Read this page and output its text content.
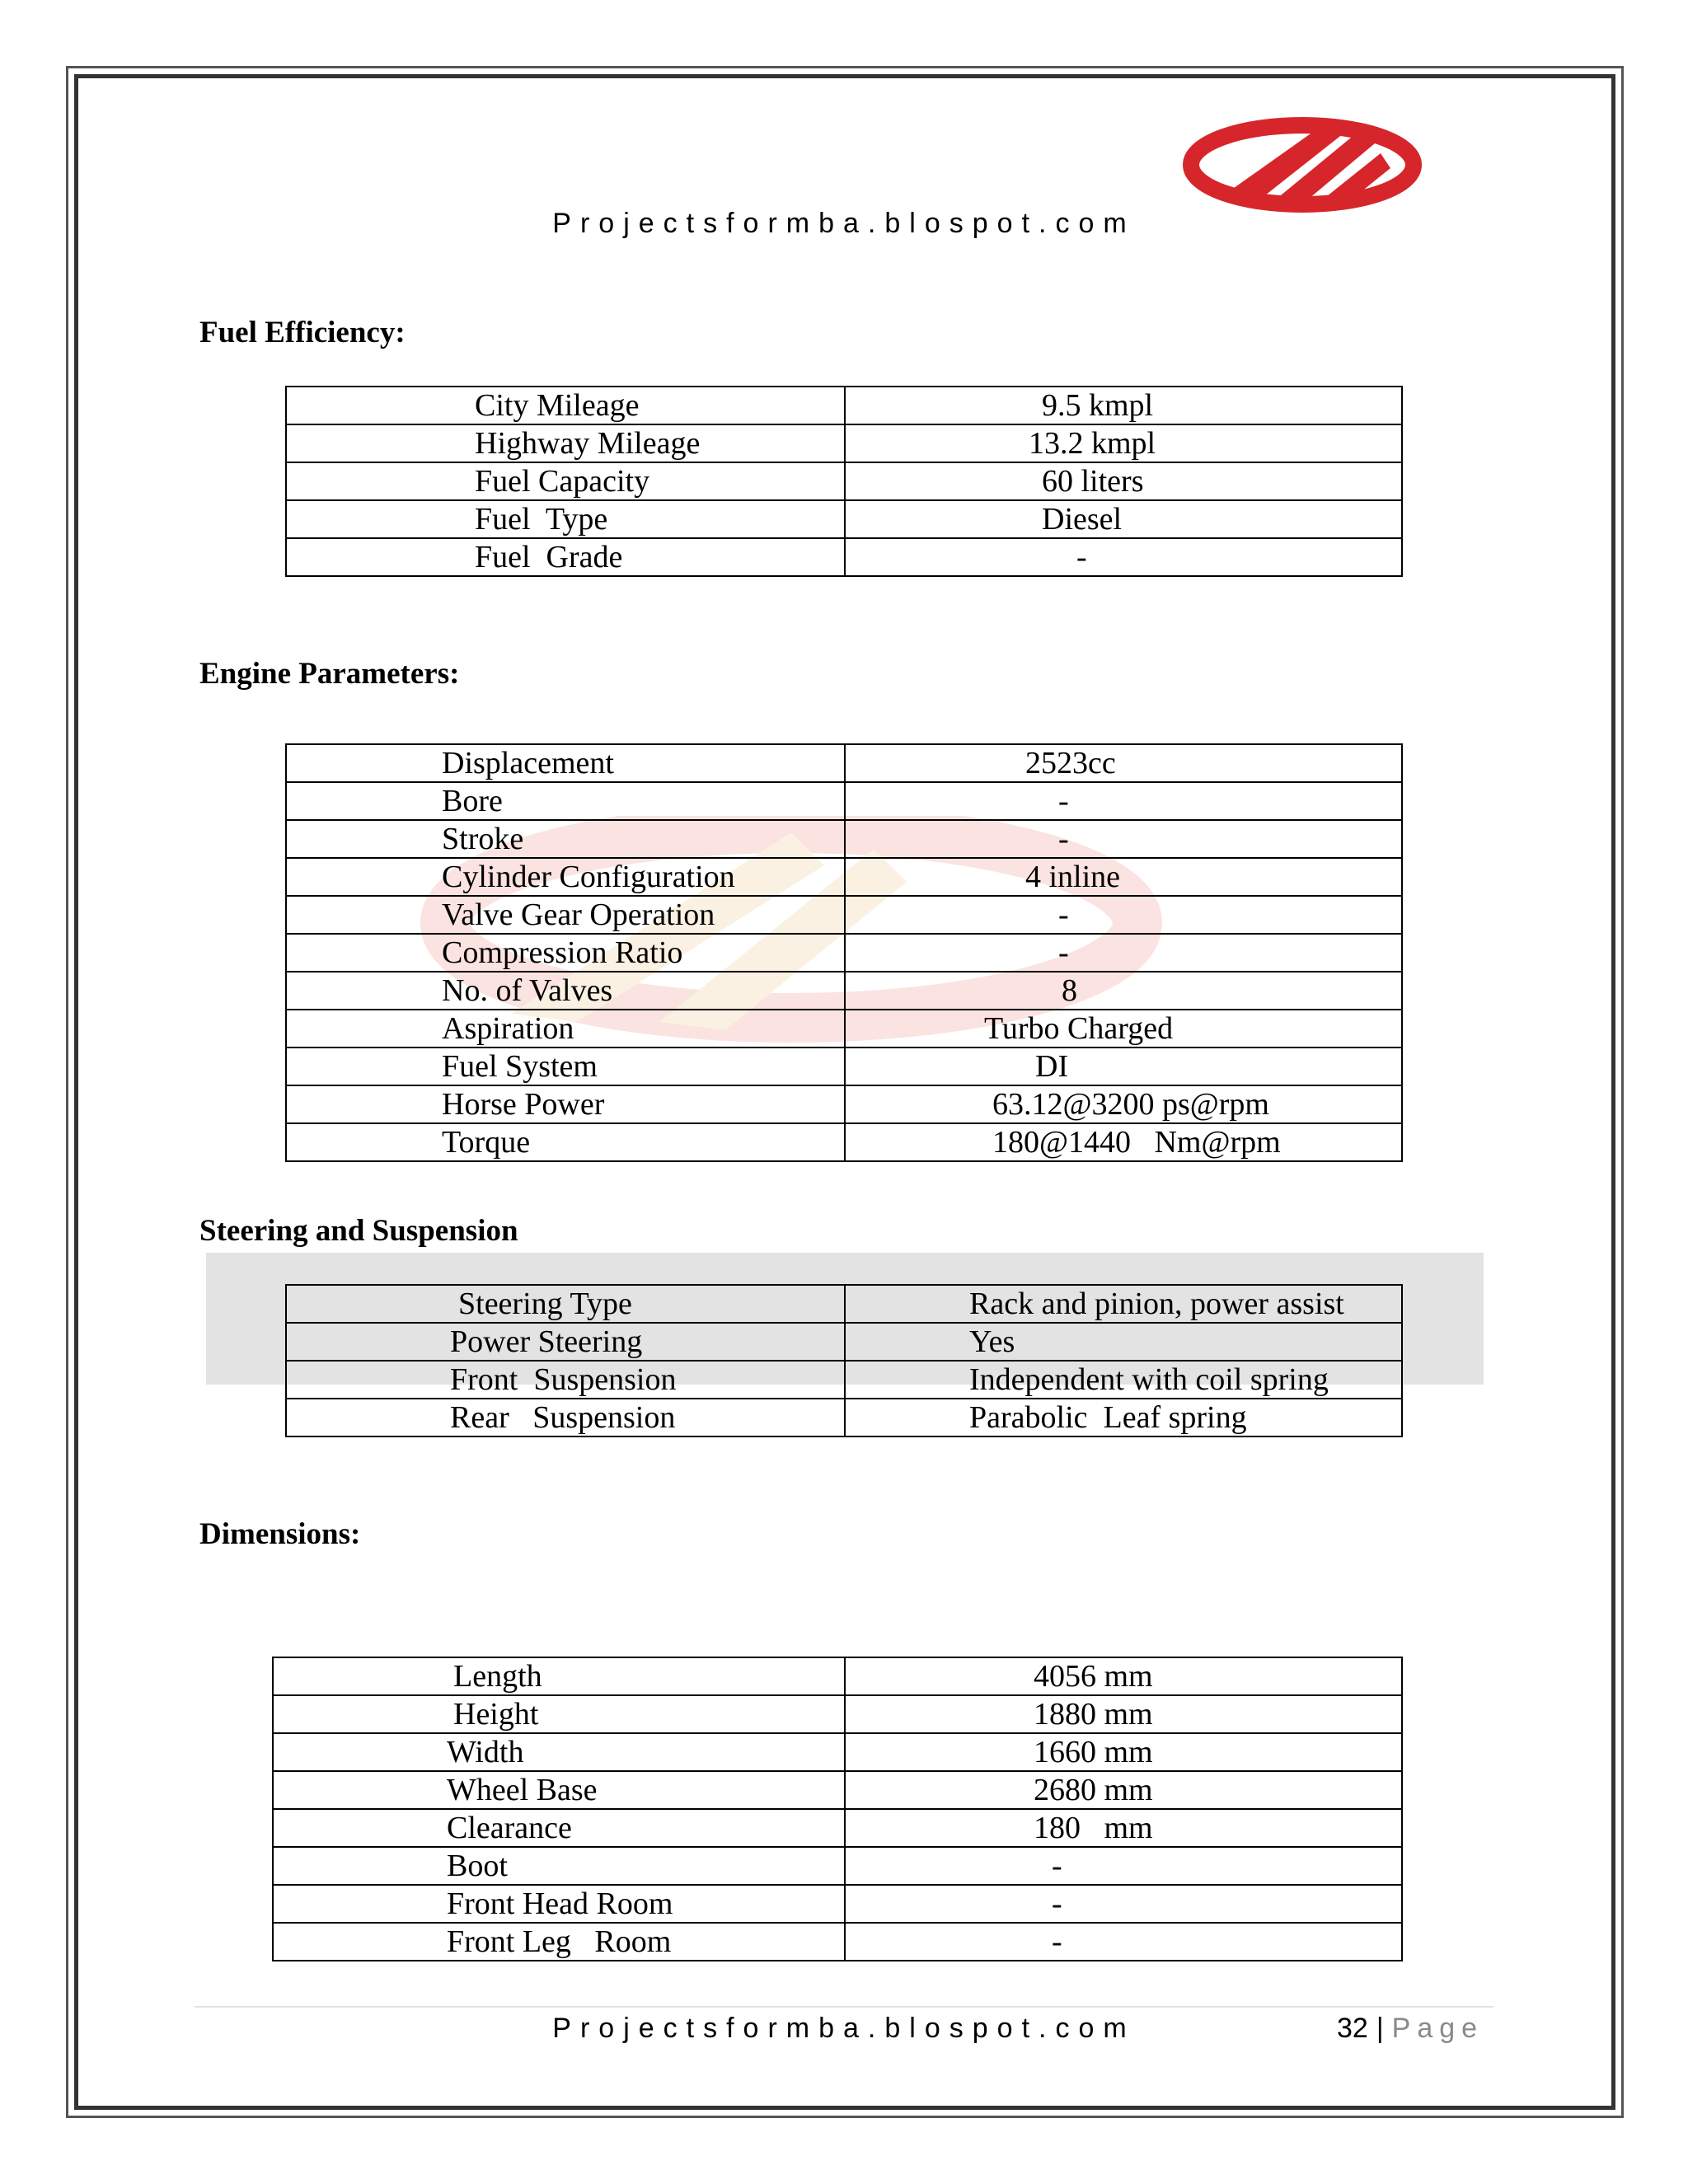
Projectsformba.blospot.com
Fuel Efficiency:
City Mileage	9.5 kmpl
Highway Mileage	13.2 kmpl
Fuel Capacity	60 liters
Fuel  Type	Diesel
Fuel  Grade	-
Engine Parameters:
Displacement	2523cc
Bore	-
Stroke	-
Cylinder Configuration	4 inline
Valve Gear Operation	-
Compression Ratio	-
No. of Valves	8
Aspiration	Turbo Charged
Fuel System	DI
Horse Power	63.12@3200 ps@rpm
Torque	180@1440   Nm@rpm
Steering and Suspension
Steering Type	Rack and pinion, power assist
Power Steering	Yes
Front  Suspension	Independent with coil spring
Rear   Suspension	Parabolic  Leaf spring
Dimensions:
Length	4056 mm
Height	1880 mm
Width	1660 mm
Wheel Base	2680 mm
Clearance	180   mm
Boot	-
Front Head Room	-
Front Leg   Room	-
Projectsformba.blospot.com	32 | Page
